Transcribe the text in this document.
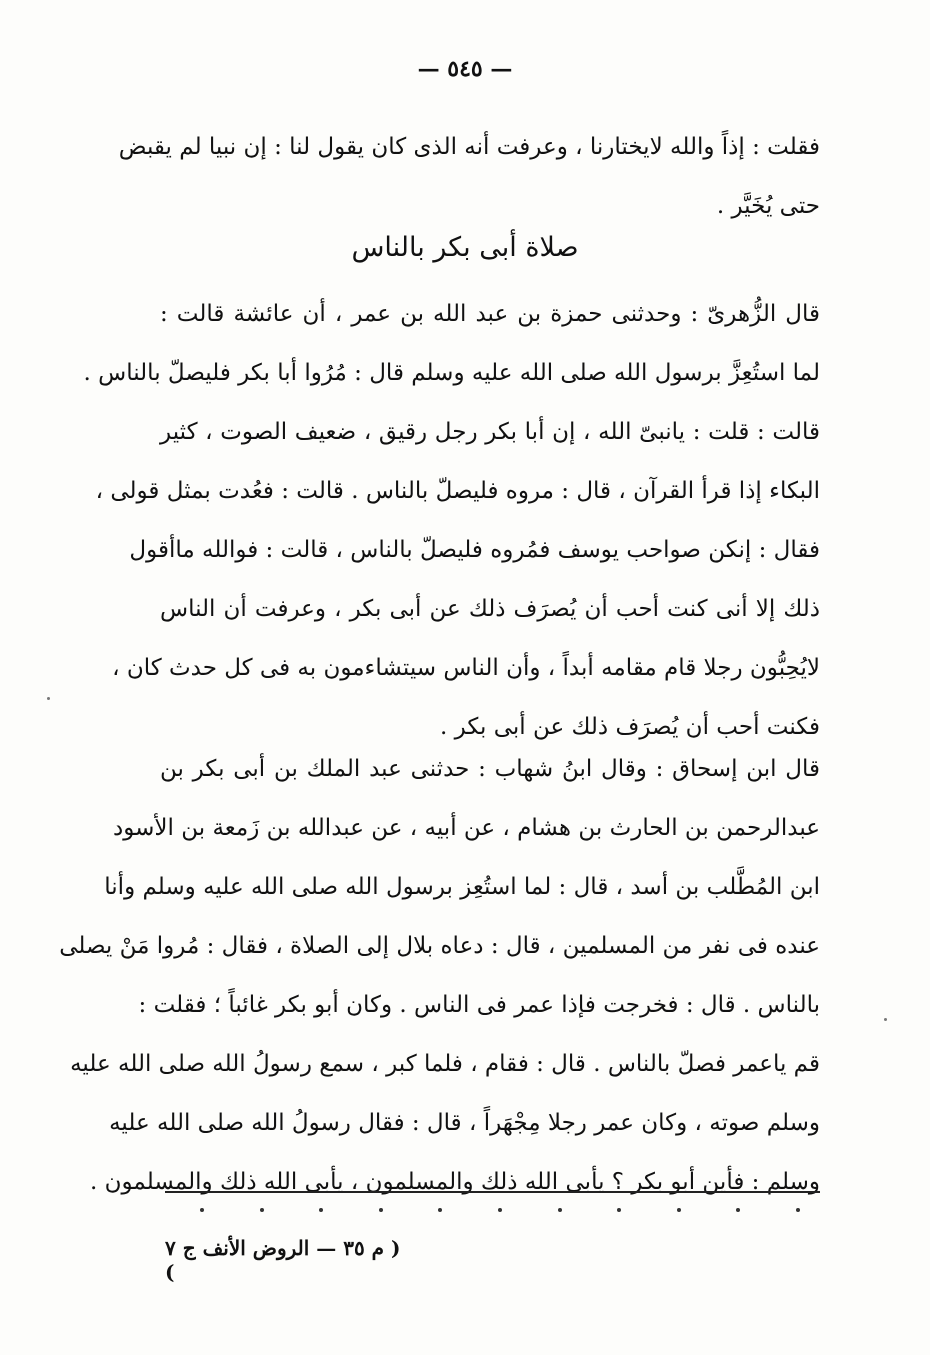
— ٥٤٥ —
فقلت : إذاً والله لايختارنا ، وعرفت أنه الذى كان يقول لنا : إن نبيا لم يقبض
حتى يُخَيَّر .
صلاة أبى بكر بالناس
قال الزُّهرىّ : وحدثنى حمزة بن عبد الله بن عمر ، أن عائشة قالت :
لما استُعِزَّ برسول الله صلى الله عليه وسلم قال : مُرُوا أبا بكر فليصلّ بالناس .
قالت : قلت : يانبىّ الله ، إن أبا بكر رجل رقيق ، ضعيف الصوت ، كثير
البكاء إذا قرأ القرآن ، قال : مروه فليصلّ بالناس . قالت : فعُدت بمثل قولى ،
فقال : إنكن صواحب يوسف فمُروه فليصلّ بالناس ، قالت : فوالله ماأقول
ذلك إلا أنى كنت أحب أن يُصرَف ذلك عن أبى بكر ، وعرفت أن الناس
لايُحِبُّون رجلا قام مقامه أبداً ، وأن الناس سيتشاءمون به فى كل حدث كان ،
فكنت أحب أن يُصرَف ذلك عن أبى بكر .
قال ابن إسحاق : وقال ابنُ شهاب : حدثنى عبد الملك بن أبى بكر بن
عبدالرحمن بن الحارث بن هشام ، عن أبيه ، عن عبدالله بن زَمعة بن الأسود
ابن المُطَّلب بن أسد ، قال : لما استُعِز برسول الله صلى الله عليه وسلم وأنا
عنده فى نفر من المسلمين ، قال : دعاه بلال إلى الصلاة ، فقال : مُروا مَنْ يصلى
بالناس . قال : فخرجت فإذا عمر فى الناس . وكان أبو بكر غائباً ؛ فقلت :
قم ياعمر فصلّ بالناس . قال : فقام ، فلما كبر ، سمع رسولُ الله صلى الله عليه
وسلم صوته ، وكان عمر رجلا مِجْهَراً ، قال : فقال رسولُ الله صلى الله عليه
وسلم : فأين أبو بكر ؟ يأبى الله ذلك والمسلمون ، يأبى الله ذلك والمسلمون .
( م ٣٥ — الروض الأنف ج ٧ )
